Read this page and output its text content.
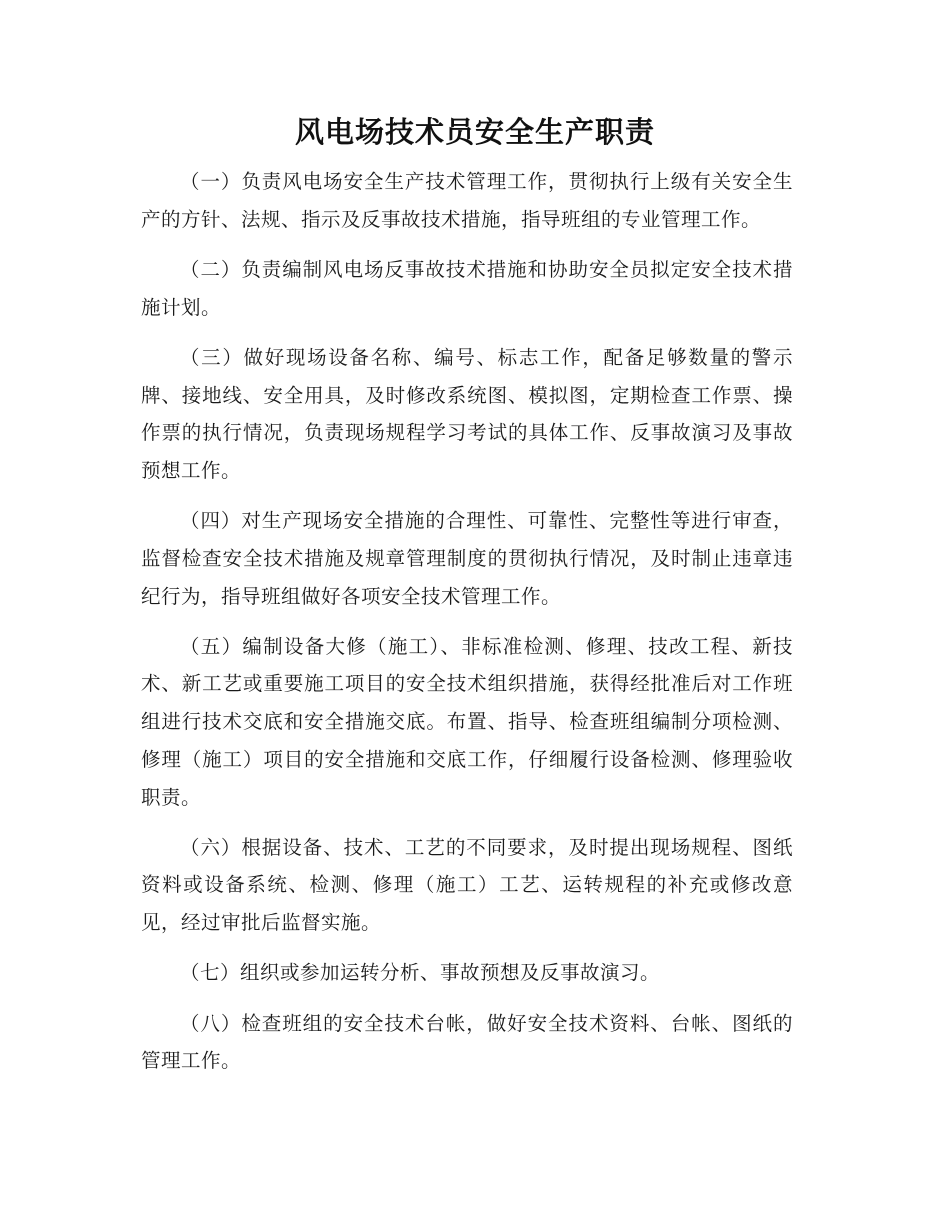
风电场技术员安全生产职责

（一）负责风电场安全生产技术管理工作，贯彻执行上级有关安全生产的方针、法规、指示及反事故技术措施，指导班组的专业管理工作。

（二）负责编制风电场反事故技术措施和协助安全员拟定安全技术措施计划。

（三）做好现场设备名称、编号、标志工作，配备足够数量的警示牌、接地线、安全用具，及时修改系统图、模拟图，定期检查工作票、操作票的执行情况，负责现场规程学习考试的具体工作、反事故演习及事故预想工作。

（四）对生产现场安全措施的合理性、可靠性、完整性等进行审查，监督检查安全技术措施及规章管理制度的贯彻执行情况，及时制止违章违纪行为，指导班组做好各项安全技术管理工作。

（五）编制设备大修（施工）、非标准检测、修理、技改工程、新技术、新工艺或重要施工项目的安全技术组织措施，获得经批准后对工作班组进行技术交底和安全措施交底。布置、指导、检查班组编制分项检测、修理（施工）项目的安全措施和交底工作，仔细履行设备检测、修理验收职责。

（六）根据设备、技术、工艺的不同要求，及时提出现场规程、图纸资料或设备系统、检测、修理（施工）工艺、运转规程的补充或修改意见，经过审批后监督实施。

（七）组织或参加运转分析、事故预想及反事故演习。

（八）检查班组的安全技术台帐，做好安全技术资料、台帐、图纸的管理工作。
